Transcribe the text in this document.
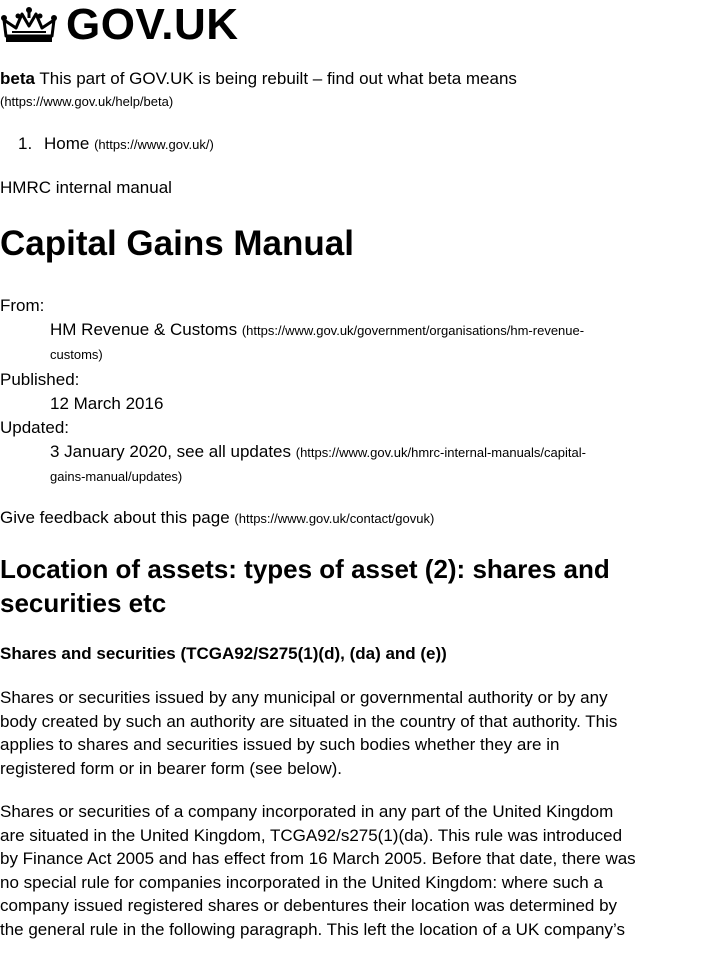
GOV.UK
beta This part of GOV.UK is being rebuilt – find out what beta means
(https://www.gov.uk/help/beta)
1. Home (https://www.gov.uk/)
HMRC internal manual
Capital Gains Manual
From:
HM Revenue & Customs (https://www.gov.uk/government/organisations/hm-revenue-
customs)
Published:
12 March 2016
Updated:
3 January 2020, see all updates (https://www.gov.uk/hmrc-internal-manuals/capital-
gains-manual/updates)
Give feedback about this page (https://www.gov.uk/contact/govuk)
Location of assets: types of asset (2): shares and
securities etc
Shares and securities (TCGA92/S275(1)(d), (da) and (e))
Shares or securities issued by any municipal or governmental authority or by any
body created by such an authority are situated in the country of that authority. This
applies to shares and securities issued by such bodies whether they are in
registered form or in bearer form (see below).
Shares or securities of a company incorporated in any part of the United Kingdom
are situated in the United Kingdom, TCGA92/s275(1)(da). This rule was introduced
by Finance Act 2005 and has effect from 16 March 2005. Before that date, there was
no special rule for companies incorporated in the United Kingdom: where such a
company issued registered shares or debentures their location was determined by
the general rule in the following paragraph. This left the location of a UK company’s
